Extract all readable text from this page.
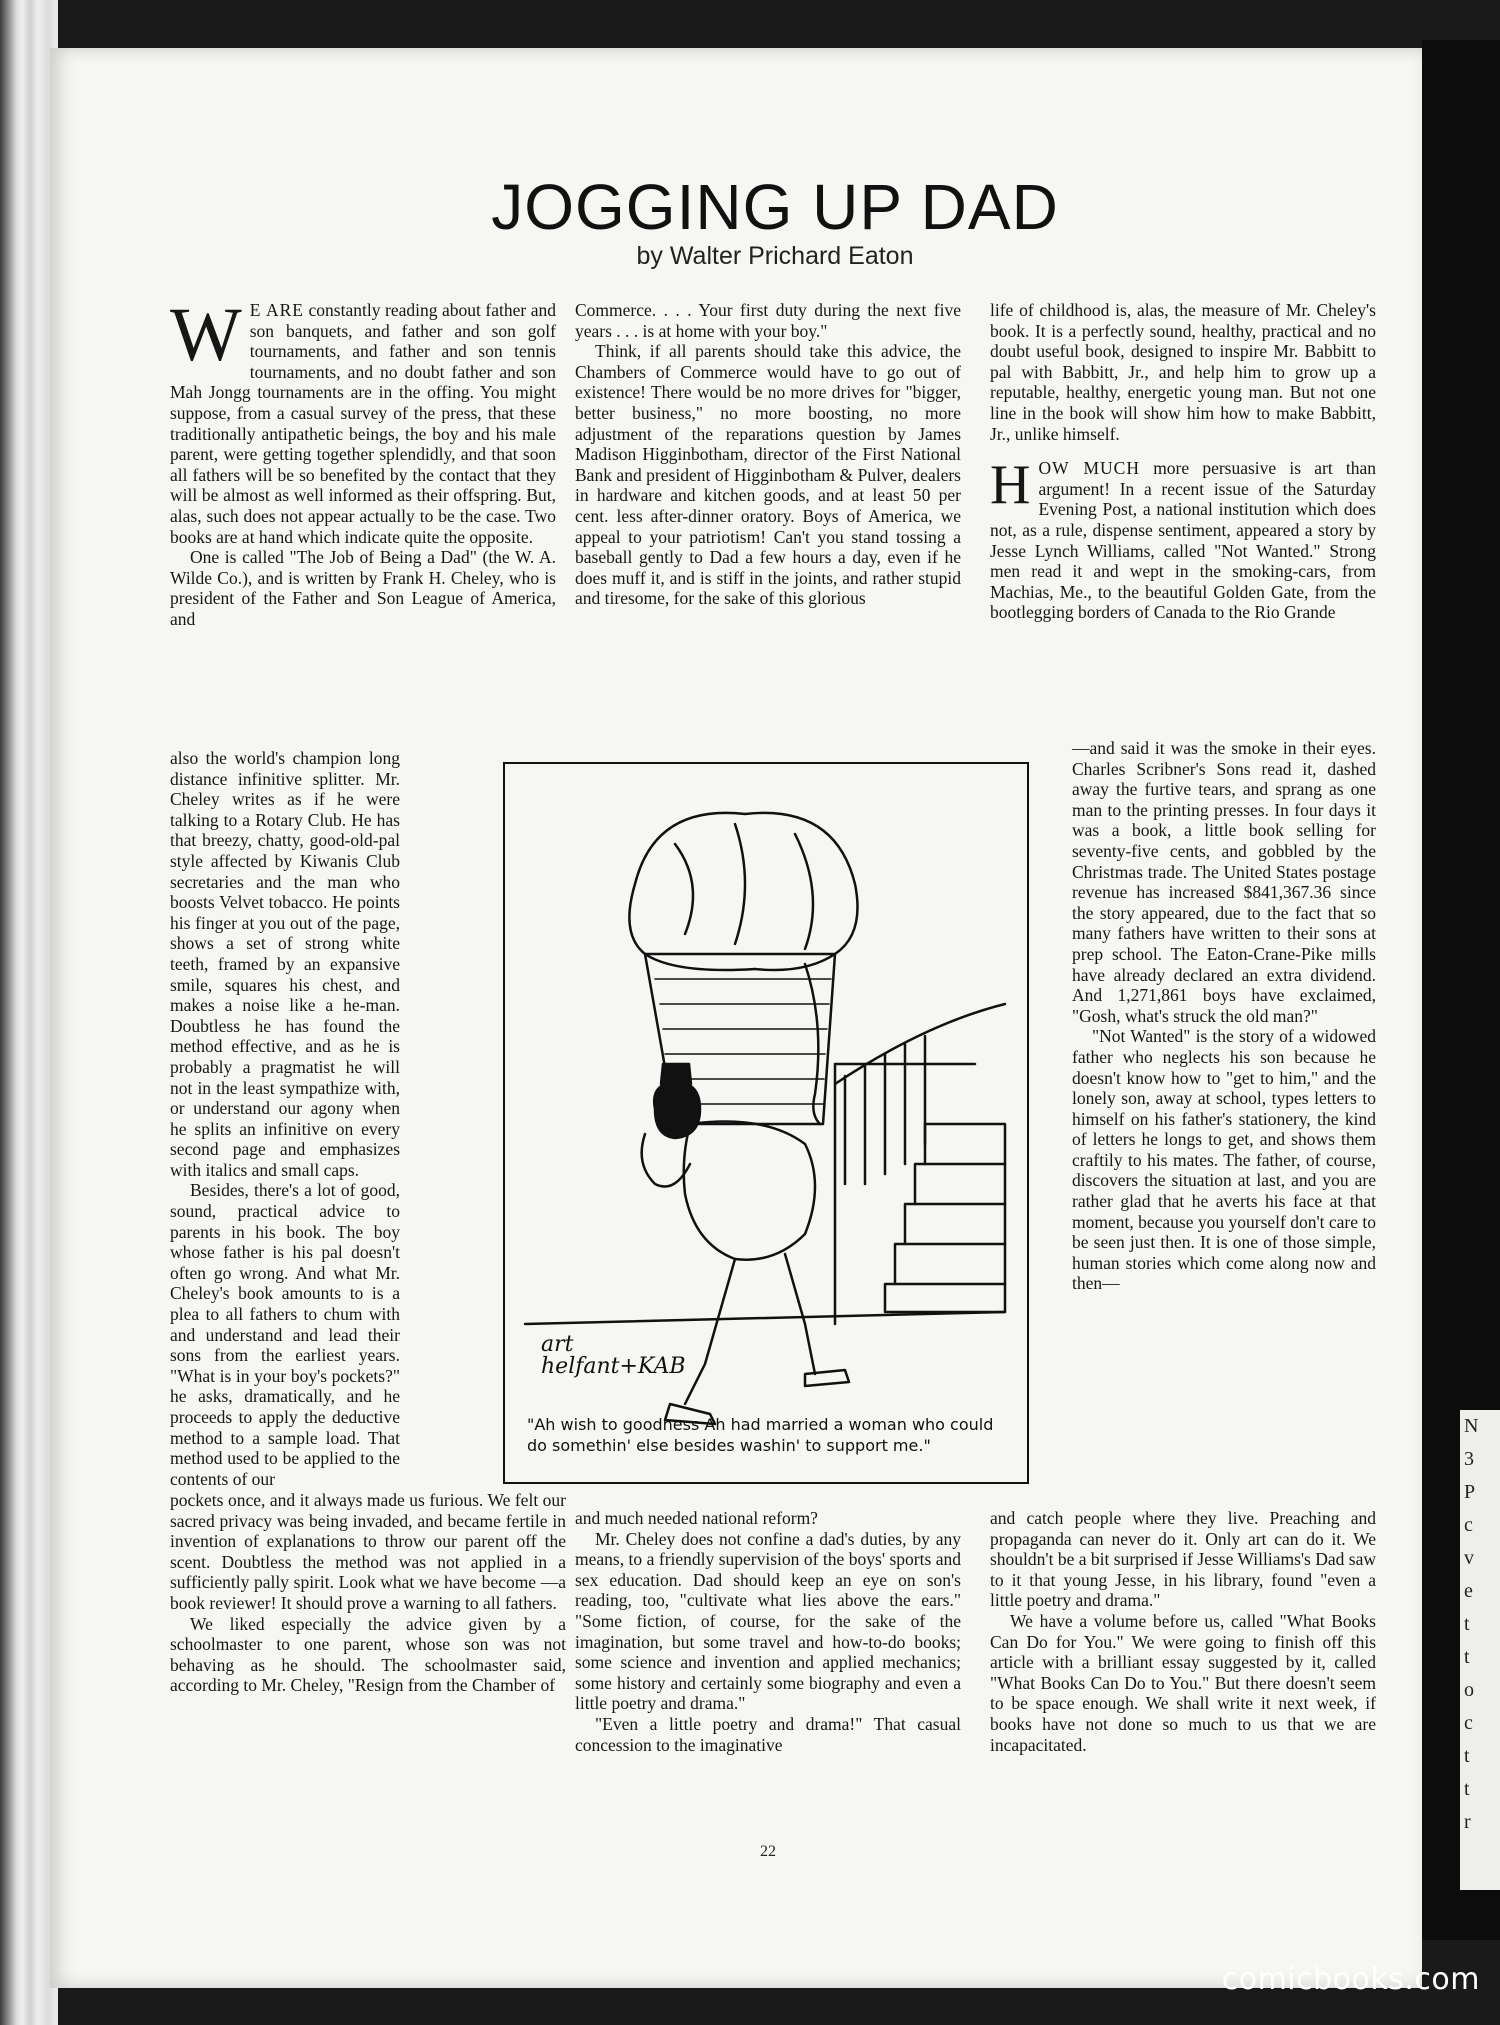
JOGGING UP DAD
by Walter Prichard Eaton

W E ARE constantly reading about father and son banquets, and father and son golf tournaments, and father and son tennis tournaments, and no doubt father and son Mah Jongg tournaments are in the offing. You might suppose, from a casual survey of the press, that these traditionally antipathetic beings, the boy and his male parent, were getting together splendidly, and that soon all fathers will be so benefited by the contact that they will be almost as well informed as their offspring. But, alas, such does not appear actually to be the case. Two books are at hand which indicate quite the opposite.

One is called "The Job of Being a Dad" (the W. A. Wilde Co.), and is written by Frank H. Cheley, who is president of the Father and Son League of America, and

also the world's champion long distance infinitive splitter. Mr. Cheley writes as if he were talking to a Rotary Club. He has that breezy, chatty, good-old-pal style affected by Kiwanis Club secretaries and the man who boosts Velvet tobacco. He points his finger at you out of the page, shows a set of strong white teeth, framed by an expansive smile, squares his chest, and makes a noise like a he-man. Doubtless he has found the method effective, and as he is probably a pragmatist he will not in the least sympathize with, or understand our agony when he splits an infinitive on every second page and emphasizes with italics and small caps.

Besides, there's a lot of good, sound, practical advice to parents in his book. The boy whose father is his pal doesn't often go wrong. And what Mr. Cheley's book amounts to is a plea to all fathers to chum with and understand and lead their sons from the earliest years. "What is in your boy's pockets?" he asks, dramatically, and he proceeds to apply the deductive method to a sample load. That method used to be applied to the contents of our

pockets once, and it always made us furious. We felt our sacred privacy was being invaded, and became fertile in invention of explanations to throw our parent off the scent. Doubtless the method was not applied in a sufficiently pally spirit. Look what we have become —a book reviewer! It should prove a warning to all fathers.

We liked especially the advice given by a schoolmaster to one parent, whose son was not behaving as he should. The schoolmaster said, according to Mr. Cheley, "Resign from the Chamber of

Commerce. . . . Your first duty during the next five years . . . is at home with your boy."

Think, if all parents should take this advice, the Chambers of Commerce would have to go out of existence! There would be no more drives for "bigger, better business," no more boosting, no more adjustment of the reparations question by James Madison Higginbotham, director of the First National Bank and president of Higginbotham & Pulver, dealers in hardware and kitchen goods, and at least 50 per cent. less after-dinner oratory. Boys of America, we appeal to your patriotism! Can't you stand tossing a baseball gently to Dad a few hours a day, even if he does muff it, and is stiff in the joints, and rather stupid and tiresome, for the sake of this glorious

and much needed national reform?

Mr. Cheley does not confine a dad's duties, by any means, to a friendly supervision of the boys' sports and sex education. Dad should keep an eye on son's reading, too, "cultivate what lies above the ears." "Some fiction, of course, for the sake of the imagination, but some travel and how-to-do books; some science and invention and applied mechanics; some history and certainly some biography and even a little poetry and drama."

"Even a little poetry and drama!" That casual concession to the imaginative

life of childhood is, alas, the measure of Mr. Cheley's book. It is a perfectly sound, healthy, practical and no doubt useful book, designed to inspire Mr. Babbitt to pal with Babbitt, Jr., and help him to grow up a reputable, healthy, energetic young man. But not one line in the book will show him how to make Babbitt, Jr., unlike himself.

HOW MUCH more persuasive is art than argument! In a recent issue of the Saturday Evening Post, a national institution which does not, as a rule, dispense sentiment, appeared a story by Jesse Lynch Williams, called "Not Wanted." Strong men read it and wept in the smoking-cars, from Machias, Me., to the beautiful Golden Gate, from the bootlegging borders of Canada to the Rio Grande

—and said it was the smoke in their eyes. Charles Scribner's Sons read it, dashed away the furtive tears, and sprang as one man to the printing presses. In four days it was a book, a little book selling for seventy-five cents, and gobbled by the Christmas trade. The United States postage revenue has increased $841,367.36 since the story appeared, due to the fact that so many fathers have written to their sons at prep school. The Eaton-Crane-Pike mills have already declared an extra dividend. And 1,271,861 boys have exclaimed, "Gosh, what's struck the old man?"

"Not Wanted" is the story of a widowed father who neglects his son because he doesn't know how to "get to him," and the lonely son, away at school, types letters to himself on his father's stationery, the kind of letters he longs to get, and shows them craftily to his mates. The father, of course, discovers the situation at last, and you are rather glad that he averts his face at that moment, because you yourself don't care to be seen just then. It is one of those simple, human stories which come along now and then—

and catch people where they live. Preaching and propaganda can never do it. Only art can do it. We shouldn't be a bit surprised if Jesse Williams's Dad saw to it that young Jesse, in his library, found "even a little poetry and drama."

We have a volume before us, called "What Books Can Do for You." We were going to finish off this article with a brilliant essay suggested by it, called "What Books Can Do to You." But there doesn't seem to be space enough. We shall write it next week, if books have not done so much to us that we are incapacitated.

art
helfant+KAB
"Ah wish to goodness Ah had married a woman who could do somethin' else besides washin' to support me."
22
N
3
P
c
v
e
t
t
o
c
t
t
r
comicbooks.com
